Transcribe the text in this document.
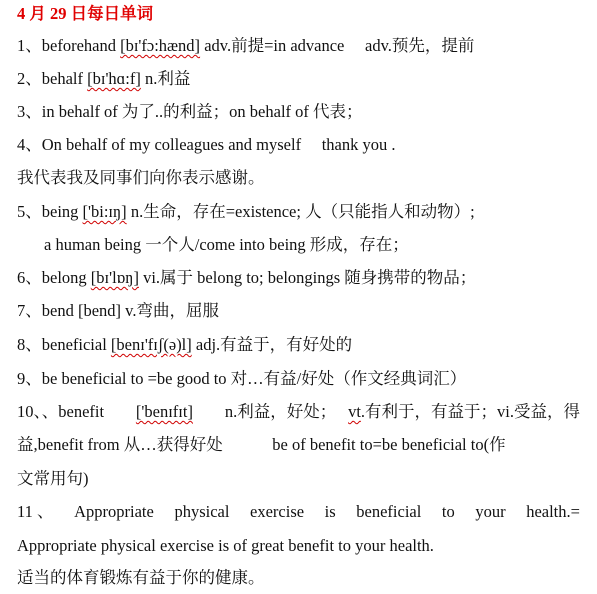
4 月 29 日每日单词
1、beforehand [bɪ'fɔ:hænd] adv.前提=in advance　 adv.预先，提前
2、behalf [bɪ'hɑ:f] n.利益
3、in behalf of 为了..的利益；on behalf of 代表；
4、On behalf of my colleagues and myself　 thank you .
我代表我及同事们向你表示感谢。
5、being ['bi:ɪŋ] n.生命，存在=existence; 人（只能指人和动物）;
a human being 一个人/come into being 形成，存在；
6、belong [bɪ'lɒŋ] vi.属于 belong to; belongings 随身携带的物品；
7、bend [bend] v.弯曲，屈服
8、beneficial [benɪ'fɪʃ(ə)l] adj.有益于，有好处的
9、be beneficial to =be good to 对…有益/好处（作文经典词汇）
10、、benefit ['benɪfɪt] n.利益，好处； vt.有利于，有益于；vi.受益，得
益,benefit from 从…获得好处　　　be of benefit to=be beneficial to(作
文常用句)
11 、 Appropriate physical exercise is beneficial to your health.=
Appropriate physical exercise is of great benefit to your health.
适当的体育锻炼有益于你的健康。
